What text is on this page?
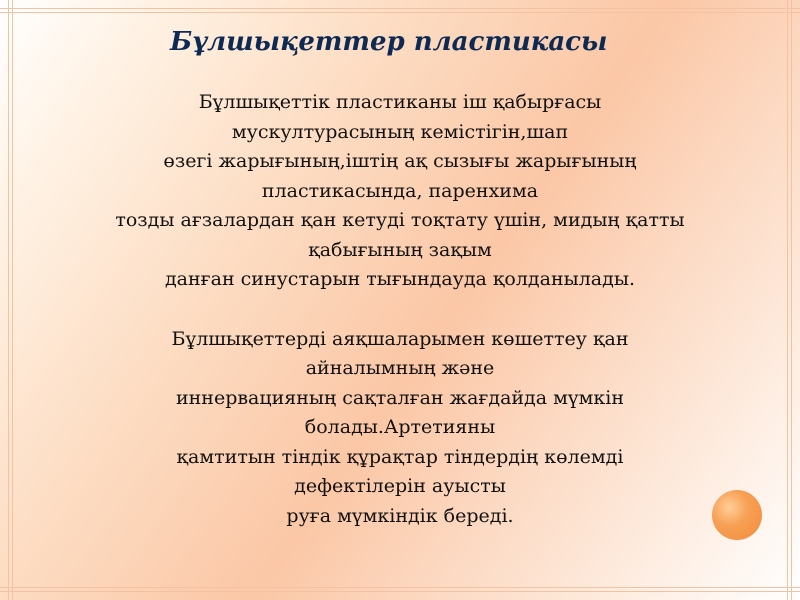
Бұлшықеттер пластикасы

Бұлшықеттік пластиканы іш қабырғасы
мускултурасының кемістігін,шап
өзегі жарығының,іштің ақ сызығы жарығының
пластикасында, паренхима
тозды ағзалардан қан кетуді тоқтату үшін, мидың қатты
қабығының зақым
данған синустарын тығындауда қолданылады.

Бұлшықеттерді аяқшаларымен көшеттеу қан
айналымның және
иннервацияның сақталған жағдайда мүмкін
болады.Артетияны
қамтитын тіндік құрақтар тіндердің көлемді
дефектілерін ауысты
руға мүмкіндік береді.
